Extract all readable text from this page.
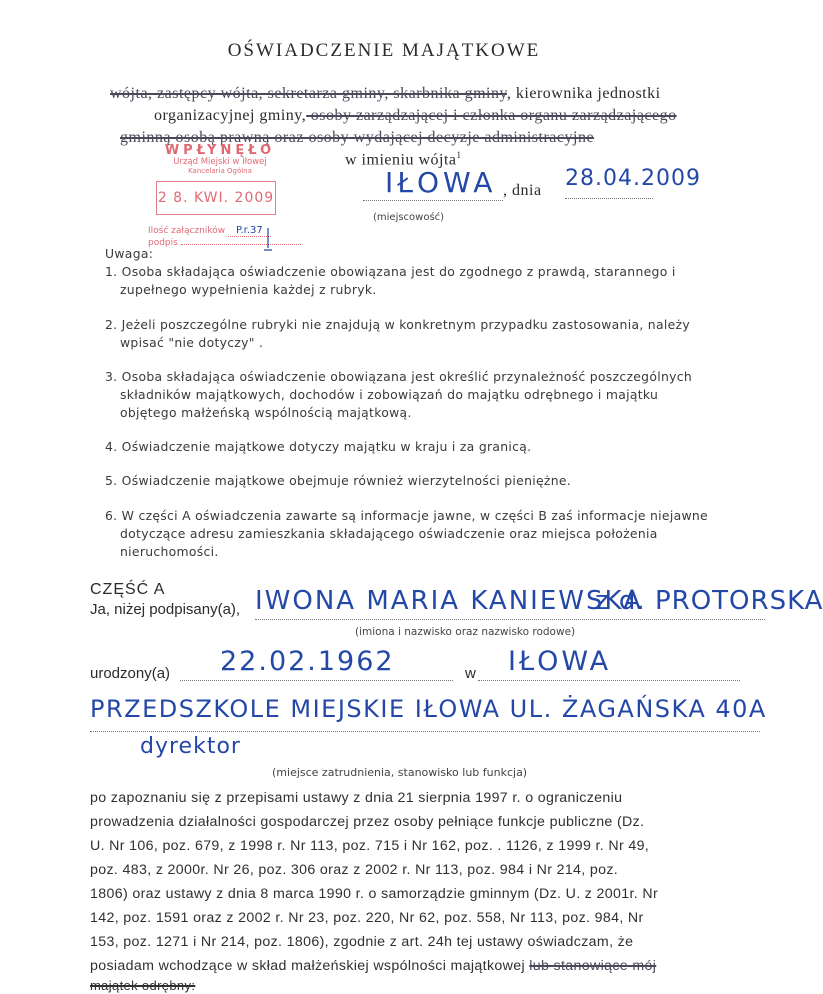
OŚWIADCZENIE MAJĄTKOWE
wójta, zastępcy wójta, sekretarza gminy, skarbnika gminy, kierownika jednostki
organizacyjnej gminy, osoby zarządzającej i członka organu zarządzającego
gminną osobą prawną oraz osoby wydającej decyzje administracyjne
WPŁYNĘŁO
Urząd Miejski w Iłowej
Kancelaria Ogólna
2 8. KWI. 2009
Ilość załączników P.r.37
podpis
w imieniu wójta$^1$
IŁOWA , dnia 28.04.2009
(miejscowość)
Uwaga:
1. Osoba składająca oświadczenie obowiązana jest do zgodnego z prawdą, starannego i
zupełnego wypełnienia każdej z rubryk.
2. Jeżeli poszczególne rubryki nie znajdują w konkretnym przypadku zastosowania, należy
wpisać "nie dotyczy" .
3. Osoba składająca oświadczenie obowiązana jest określić przynależność poszczególnych
składników majątkowych, dochodów i zobowiązań do majątku odrębnego i majątku
objętego małżeńską wspólnością majątkową.
4. Oświadczenie majątkowe dotyczy majątku w kraju i za granicą.
5. Oświadczenie majątkowe obejmuje również wierzytelności pieniężne.
6. W części A oświadczenia zawarte są informacje jawne, w części B zaś informacje niejawne
dotyczące adresu zamieszkania składającego oświadczenie oraz miejsca położenia
nieruchomości.
CZĘŚĆ A
Ja, niżej podpisany(a), IWONA MARIA KANIEWSKA
z d. PROTORSKA
(imiona i nazwisko oraz nazwisko rodowe)
urodzony(a) 22.02.1962	w IŁOWA
PRZEDSZKOLE MIEJSKIE IŁOWA UL. ŻAGAŃSKA 40A
dyrektor
(miejsce zatrudnienia, stanowisko lub funkcja)
po zapoznaniu się z przepisami ustawy z dnia 21 sierpnia 1997 r. o ograniczeniu
prowadzenia działalności gospodarczej przez osoby pełniące funkcje publiczne (Dz.
U. Nr 106, poz. 679, z 1998 r. Nr 113, poz. 715 i Nr 162, poz. . 1126, z 1999 r. Nr 49,
poz. 483, z 2000r. Nr 26, poz. 306 oraz z 2002 r. Nr 113, poz. 984 i Nr 214, poz.
1806) oraz ustawy z dnia 8 marca 1990 r. o samorządzie gminnym (Dz. U. z 2001r. Nr
142, poz. 1591 oraz z 2002 r. Nr 23, poz. 220, Nr 62, poz. 558, Nr 113, poz. 984, Nr
153, poz. 1271 i Nr 214, poz. 1806), zgodnie z art. 24h tej ustawy oświadczam, że
posiadam wchodzące w skład małżeńskiej wspólności majątkowej lub stanowiące mój
majątek odrębny:
